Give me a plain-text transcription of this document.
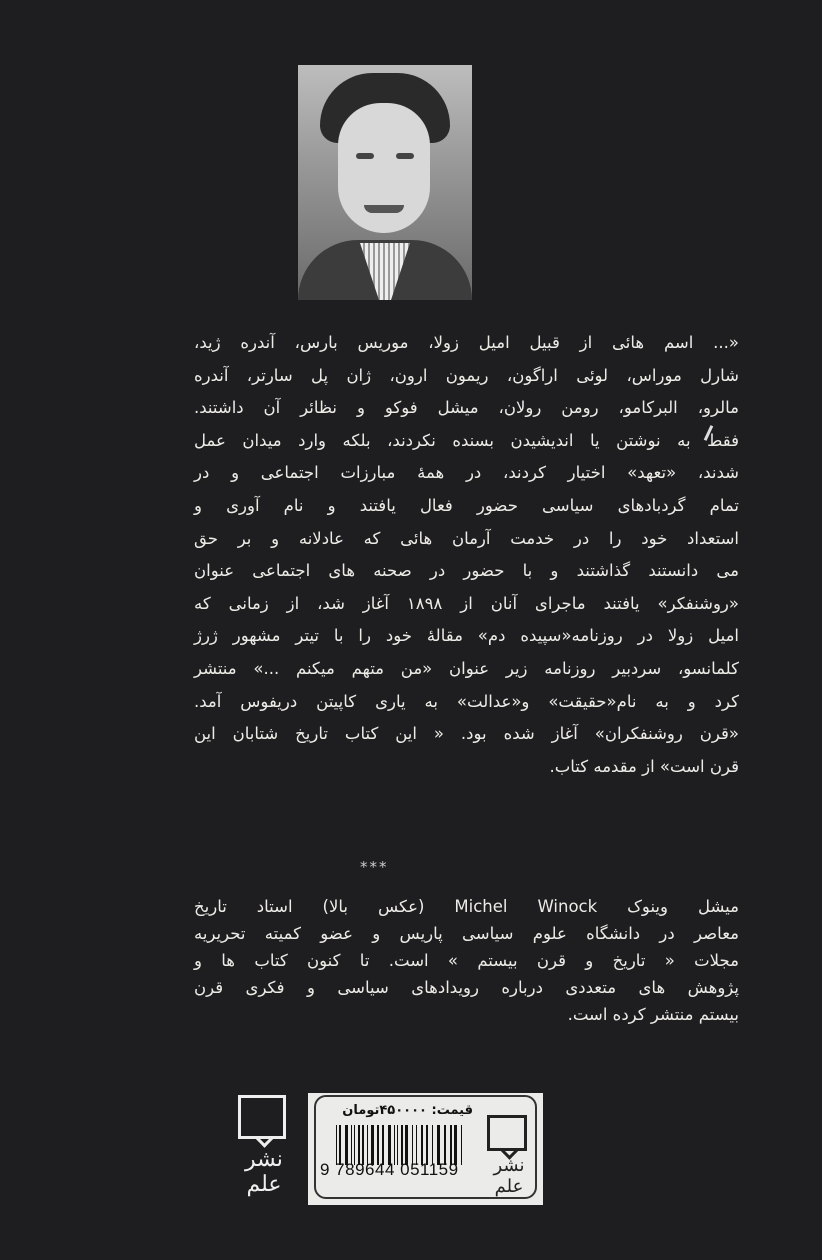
«... اسم هائی از قبیل امیل زولا، موریس بارس، آندره ژید،
شارل موراس، لوئی اراگون، ریمون ارون، ژان پل سارتر، آندره
مالرو، البرکامو، رومن رولان، میشل فوکو و نظائر آن داشتند.
فقط به نوشتن یا اندیشیدن بسنده نکردند، بلکه وارد میدان عمل
شدند، «تعهد» اختیار کردند، در همهٔ مبارزات اجتماعی و در
تمام گردبادهای سیاسی حضور فعال یافتند و نام آوری و
استعداد خود را در خدمت آرمان هائی که عادلانه و بر حق
می دانستند گذاشتند و با حضور در صحنه های اجتماعی عنوان
«روشنفکر» یافتند ماجرای آنان از ۱۸۹۸ آغاز شد، از زمانی که
امیل زولا در روزنامه«سپیده دم» مقالهٔ خود را با تیتر مشهور ژرژ
کلمانسو، سردبیر روزنامه زیر عنوان «من متهم میکنم ...» منتشر
کرد و به نام«حقیقت» و«عدالت» به یاری کاپیتن دریفوس آمد.
«قرن روشنفکران» آغاز شده بود. « این کتاب تاریخ شتابان این
قرن است» از مقدمه کتاب.
***
میشل وینوک Michel Winock (عکس بالا) استاد تاریخ
معاصر در دانشگاه علوم سیاسی پاریس و عضو کمیته تحریریه
مجلات « تاریخ و قرن بیستم » است. تا کنون کتاب ها و
پژوهش های متعددی درباره رویدادهای سیاسی و فکری قرن
بیستم منتشر کرده است.
نشر علم
قیمت: ۴۵۰۰۰۰تومان
9 789644 051159	نشر علم
